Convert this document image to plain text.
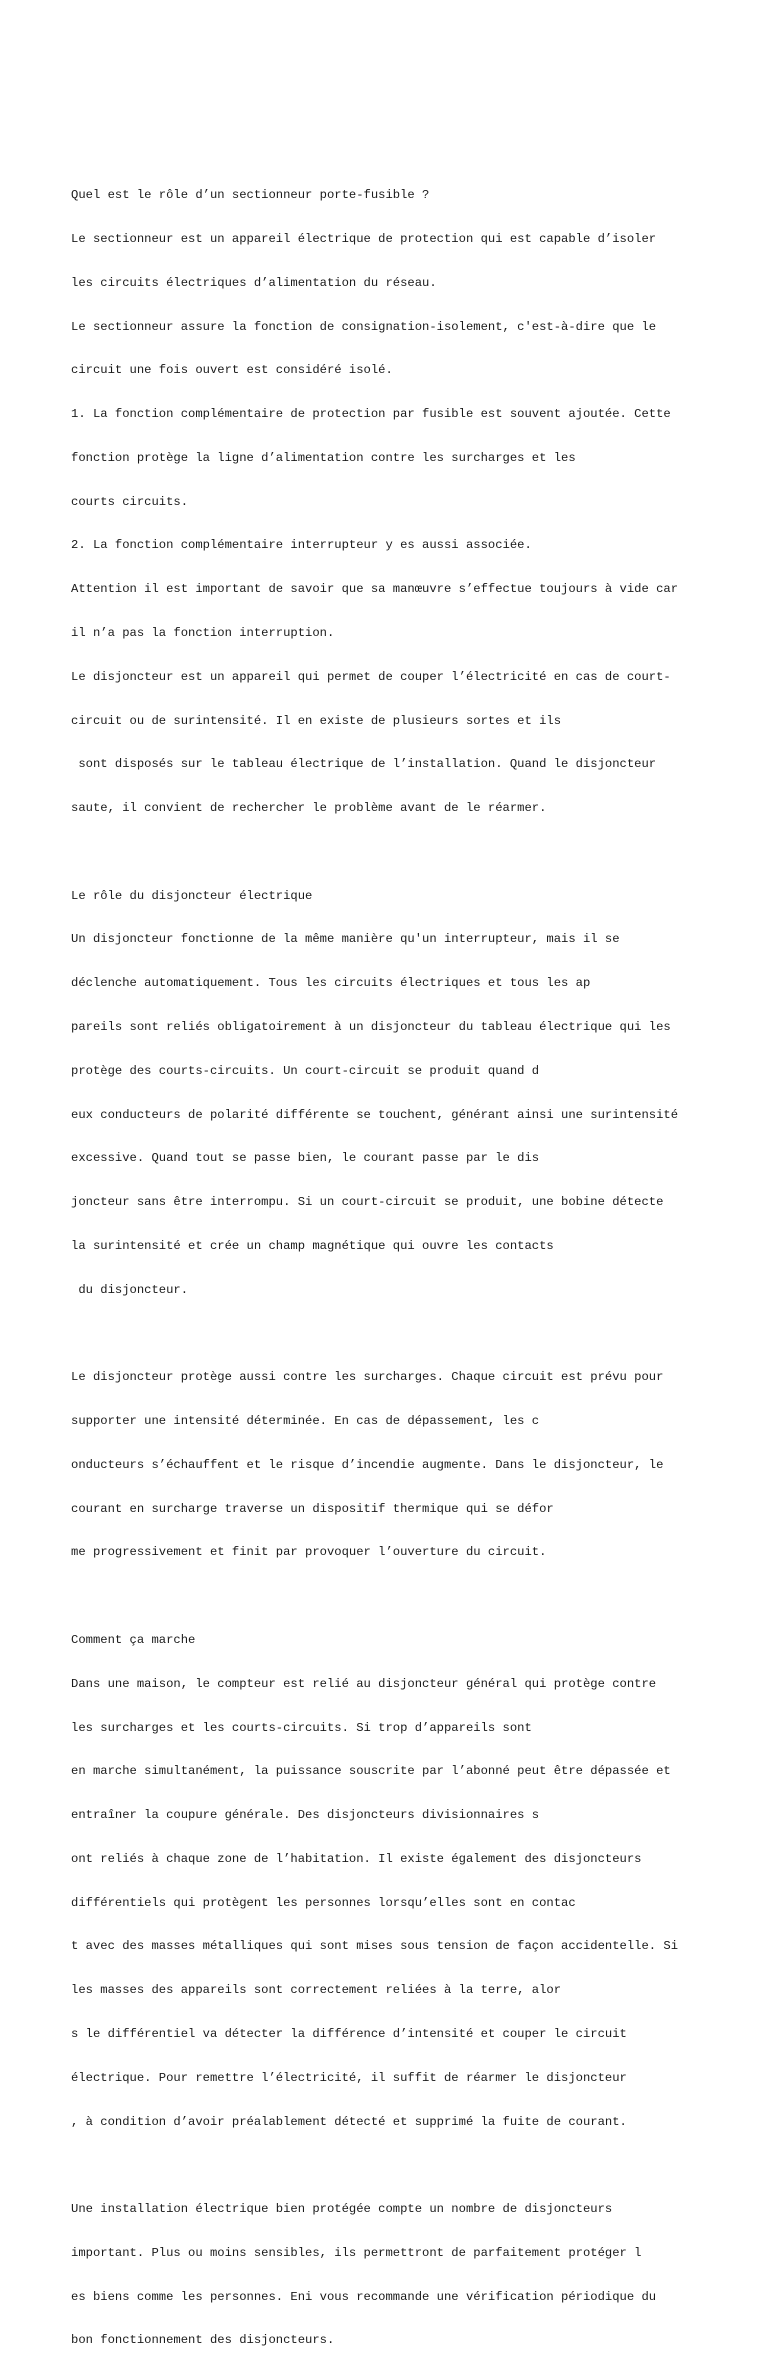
Quel est le rôle d’un sectionneur porte-fusible ?

Le sectionneur est un appareil électrique de protection qui est capable d’isoler

les circuits électriques d’alimentation du réseau.

Le sectionneur assure la fonction de consignation-isolement, c'est-à-dire que le

circuit une fois ouvert est considéré isolé.

1. La fonction complémentaire de protection par fusible est souvent ajoutée. Cette

fonction protège la ligne d’alimentation contre les surcharges et les

courts circuits.

2. La fonction complémentaire interrupteur y es aussi associée.

Attention il est important de savoir que sa manœuvre s’effectue toujours à vide car

il n’a pas la fonction interruption.

Le disjoncteur est un appareil qui permet de couper l’électricité en cas de court-

circuit ou de surintensité. Il en existe de plusieurs sortes et ils

sont disposés sur le tableau électrique de l’installation. Quand le disjoncteur

saute, il convient de rechercher le problème avant de le réarmer.

Le rôle du disjoncteur électrique

Un disjoncteur fonctionne de la même manière qu'un interrupteur, mais il se

déclenche automatiquement. Tous les circuits électriques et tous les ap

pareils sont reliés obligatoirement à un disjoncteur du tableau électrique qui les

protège des courts-circuits. Un court-circuit se produit quand d

eux conducteurs de polarité différente se touchent, générant ainsi une surintensité

excessive. Quand tout se passe bien, le courant passe par le dis

joncteur sans être interrompu. Si un court-circuit se produit, une bobine détecte

la surintensité et crée un champ magnétique qui ouvre les contacts

du disjoncteur.

Le disjoncteur protège aussi contre les surcharges. Chaque circuit est prévu pour

supporter une intensité déterminée. En cas de dépassement, les c

onducteurs s’échauffent et le risque d’incendie augmente. Dans le disjoncteur, le

courant en surcharge traverse un dispositif thermique qui se défor

me progressivement et finit par provoquer l’ouverture du circuit.

Comment ça marche

Dans une maison, le compteur est relié au disjoncteur général qui protège contre

les surcharges et les courts-circuits. Si trop d’appareils sont

en marche simultanément, la puissance souscrite par l’abonné peut être dépassée et

entraîner la coupure générale. Des disjoncteurs divisionnaires s

ont reliés à chaque zone de l’habitation. Il existe également des disjoncteurs

différentiels qui protègent les personnes lorsqu’elles sont en contac

t avec des masses métalliques qui sont mises sous tension de façon accidentelle. Si

les masses des appareils sont correctement reliées à la terre, alor

s le différentiel va détecter la différence d’intensité et couper le circuit

électrique. Pour remettre l’électricité, il suffit de réarmer le disjoncteur

, à condition d’avoir préalablement détecté et supprimé la fuite de courant.

Une installation électrique bien protégée compte un nombre de disjoncteurs

important. Plus ou moins sensibles, ils permettront de parfaitement protéger l

es biens comme les personnes. Eni vous recommande une vérification périodique du

bon fonctionnement des disjoncteurs.
